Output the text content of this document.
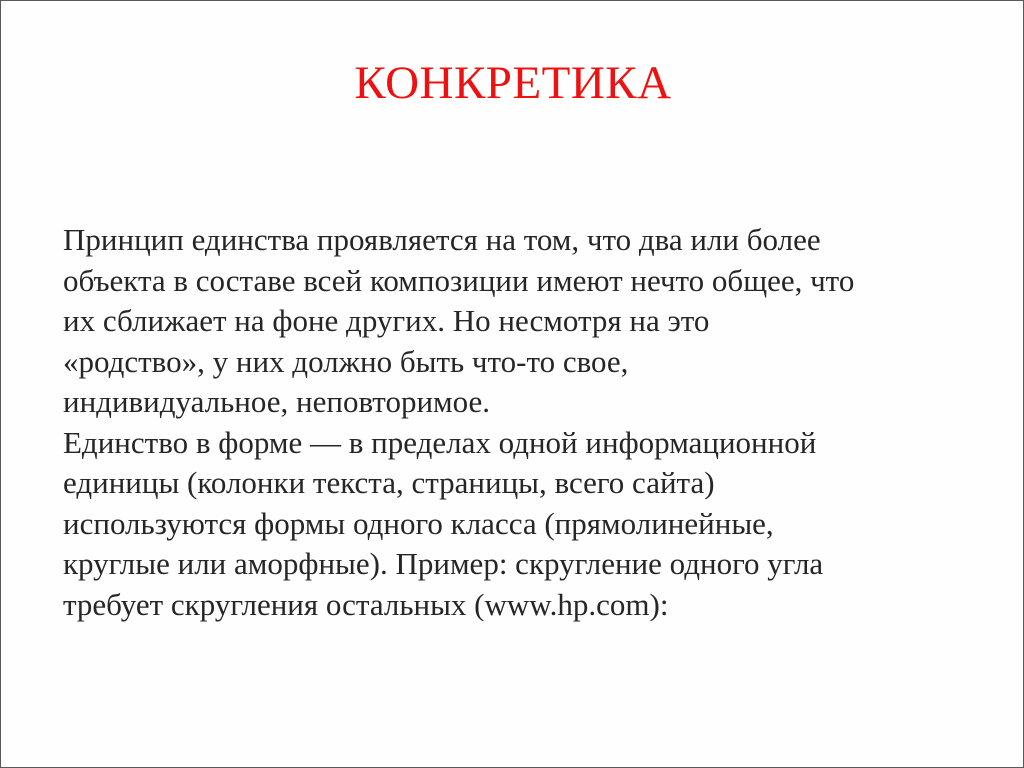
КОНКРЕТИКА
Принцип единства проявляется на том, что два или более
объекта в составе всей композиции имеют нечто общее, что
их сближает на фоне других. Но несмотря на это
«родство», у них должно быть что-то свое,
индивидуальное, неповторимое.
Единство в форме — в пределах одной информационной
единицы (колонки текста, страницы, всего сайта)
используются формы одного класса (прямолинейные,
круглые или аморфные). Пример: скругление одного угла
требует скругления остальных (www.hp.com):
